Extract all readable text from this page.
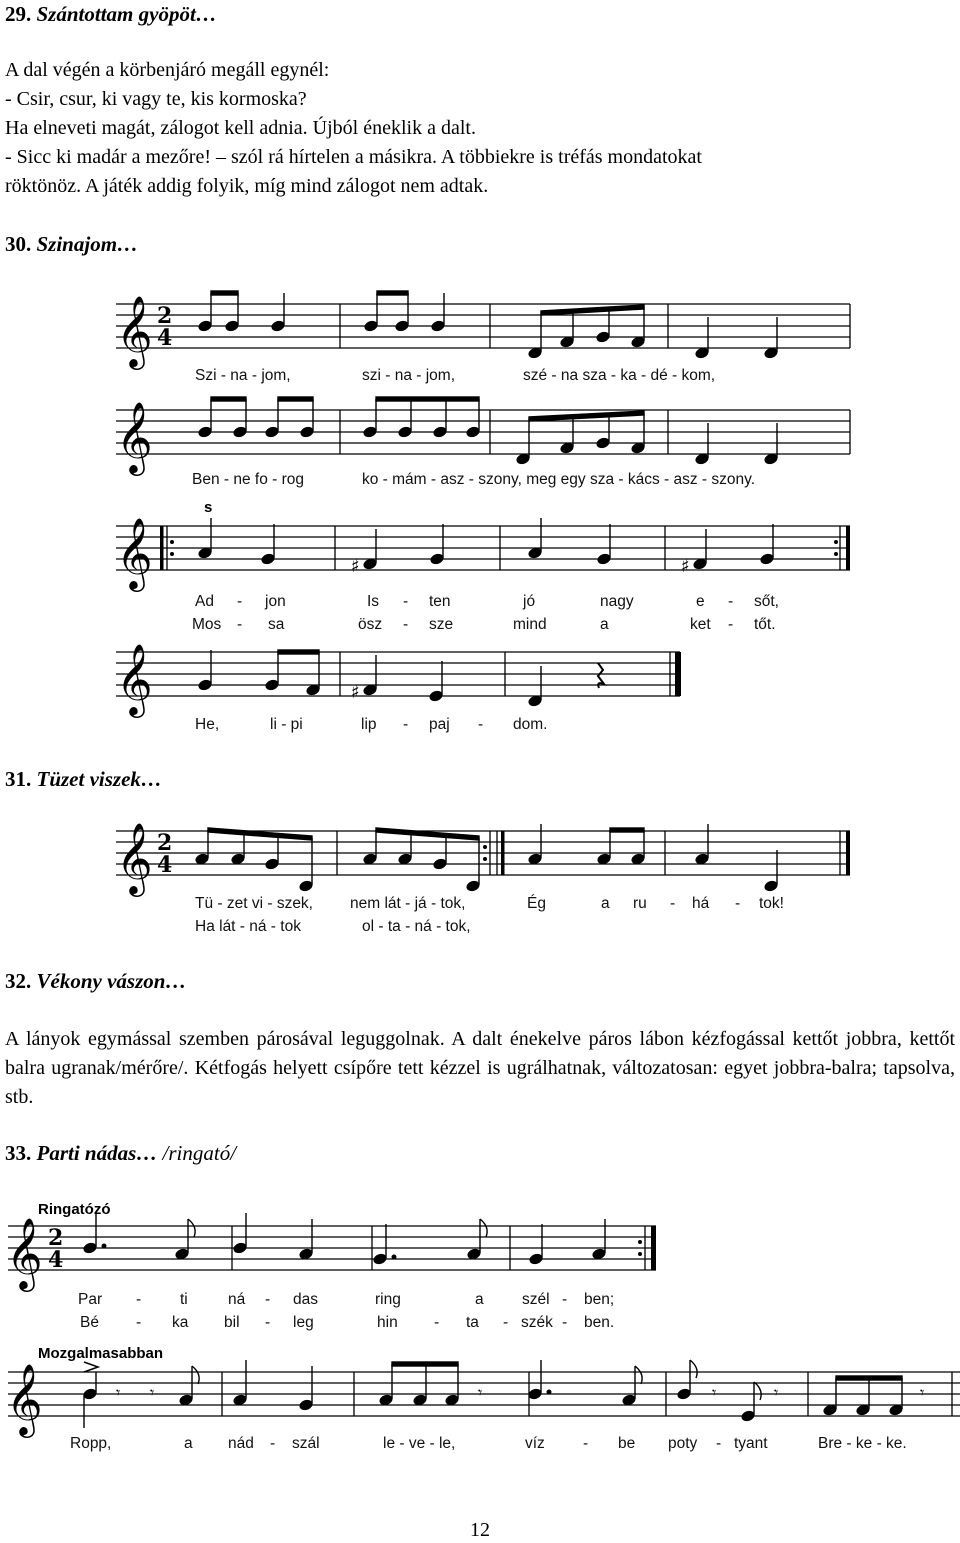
29. Szántottam gyöpöt…
A dal végén a körbenjáró megáll egynél:
- Csir, csur, ki vagy te, kis kormoska?
Ha elneveti magát, zálogot kell adnia. Újból éneklik a dalt.
- Sicc ki madár a mezőre! – szól rá hírtelen a másikra. A többiekre is tréfás mondatokat
röktönöz. A játék addig folyik, míg mind zálogot nem adtak.
30. Szinajom…
𝄞
𝄞
𝄞
𝄞
2
4
s
♯	♯
♯
Szi - na - jom,	szi - na - jom,	szé - na sza - ka - dé - kom,
Ben - ne fo - rog	ko - mám - asz - szony, meg egy sza - kács - asz - szony.
Ad - jon	Is - ten	jó	nagy	e - sőt,
Mos - sa	ösz - sze	mind	a	ket - tőt.
He,	li - pi	lip - paj - dom.
31. Tüzet viszek…
𝄞 2
4
Tü - zet vi - szek, nem lát - já - tok,	Ég	a ru - há - tok!
Ha lát - ná - tok	ol - ta - ná - tok,
32. Vékony vászon…
A lányok egymással szemben párosával leguggolnak. A dalt énekelve páros lábon kézfogással kettőt jobbra, kettőt balra ugranak/mérőre/. Kétfogás helyett csípőre tett kézzel is ugrálhatnak, változatosan: egyet jobbra-balra; tapsolva, stb.
33. Parti nádas… /ringató/
Ringatózó
𝄞 2
4
Par -	ti	ná - das	ring	a szél - ben;
Bé - ka bil - leg	hin - ta - szék - ben.
Mozgalmasabban
𝄞	𝄾 𝄾	𝄾	𝄾	𝄾	𝄾
Ropp,	a nád - szál	le - ve - le,	víz - be poty - tyant	Bre - ke - ke.
12
